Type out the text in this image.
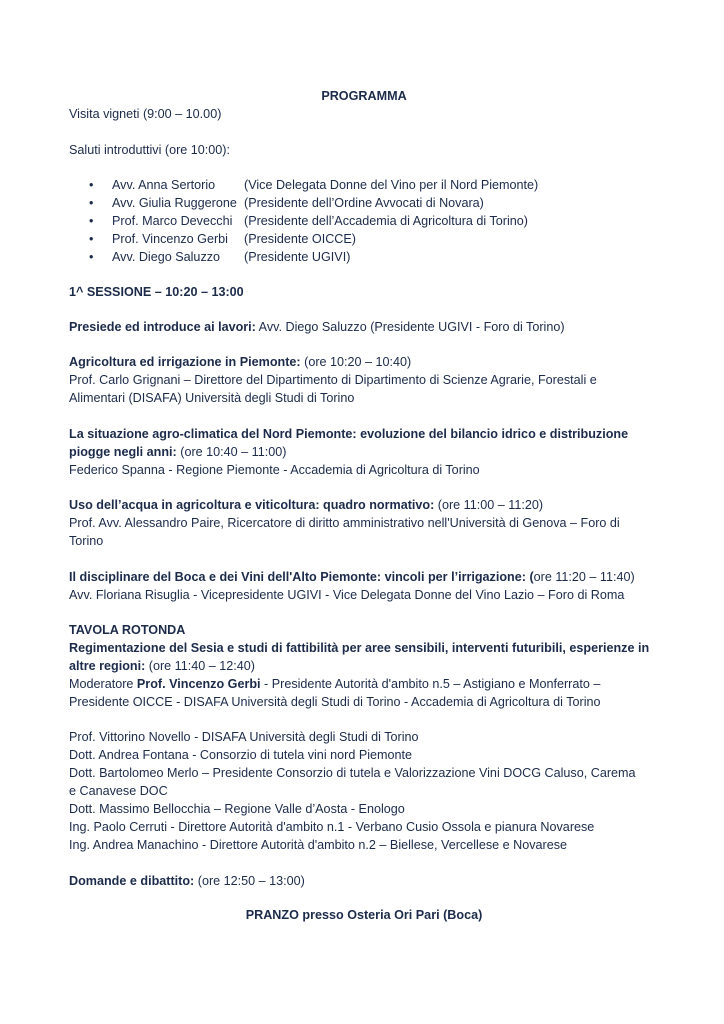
PROGRAMMA
Visita vigneti (9:00 – 10.00)
Saluti introduttivi (ore 10:00):
• Avv. Anna Sertorio (Vice Delegata Donne del Vino per il Nord Piemonte)
• Avv. Giulia Ruggerone (Presidente dell’Ordine Avvocati di Novara)
• Prof. Marco Devecchi (Presidente dell’Accademia di Agricoltura di Torino)
• Prof. Vincenzo Gerbi (Presidente OICCE)
• Avv. Diego Saluzzo (Presidente UGIVI)
1^ SESSIONE – 10:20 – 13:00
Presiede ed introduce ai lavori: Avv. Diego Saluzzo (Presidente UGIVI - Foro di Torino)
Agricoltura ed irrigazione in Piemonte: (ore 10:20 – 10:40)
Prof. Carlo Grignani – Direttore del Dipartimento di Dipartimento di Scienze Agrarie, Forestali e
Alimentari (DISAFA) Università degli Studi di Torino
La situazione agro-climatica del Nord Piemonte: evoluzione del bilancio idrico e distribuzione
piogge negli anni: (ore 10:40 – 11:00)
Federico Spanna - Regione Piemonte - Accademia di Agricoltura di Torino
Uso dell’acqua in agricoltura e viticoltura: quadro normativo: (ore 11:00 – 11:20)
Prof. Avv. Alessandro Paire, Ricercatore di diritto amministrativo nell'Università di Genova – Foro di
Torino
Il disciplinare del Boca e dei Vini dell'Alto Piemonte: vincoli per l’irrigazione: (ore 11:20 – 11:40)
Avv. Floriana Risuglia - Vicepresidente UGIVI - Vice Delegata Donne del Vino Lazio – Foro di Roma
TAVOLA ROTONDA
Regimentazione del Sesia e studi di fattibilità per aree sensibili, interventi futuribili, esperienze in
altre regioni: (ore 11:40 – 12:40)
Moderatore Prof. Vincenzo Gerbi - Presidente Autorità d'ambito n.5 – Astigiano e Monferrato –
Presidente OICCE - DISAFA Università degli Studi di Torino - Accademia di Agricoltura di Torino
Prof. Vittorino Novello - DISAFA Università degli Studi di Torino
Dott. Andrea Fontana - Consorzio di tutela vini nord Piemonte
Dott. Bartolomeo Merlo – Presidente Consorzio di tutela e Valorizzazione Vini DOCG Caluso, Carema
e Canavese DOC
Dott. Massimo Bellocchia – Regione Valle d’Aosta - Enologo
Ing. Paolo Cerruti - Direttore Autorità d'ambito n.1 - Verbano Cusio Ossola e pianura Novarese
Ing. Andrea Manachino - Direttore Autorità d'ambito n.2 – Biellese, Vercellese e Novarese
Domande e dibattito: (ore 12:50 – 13:00)
PRANZO presso Osteria Ori Pari (Boca)
